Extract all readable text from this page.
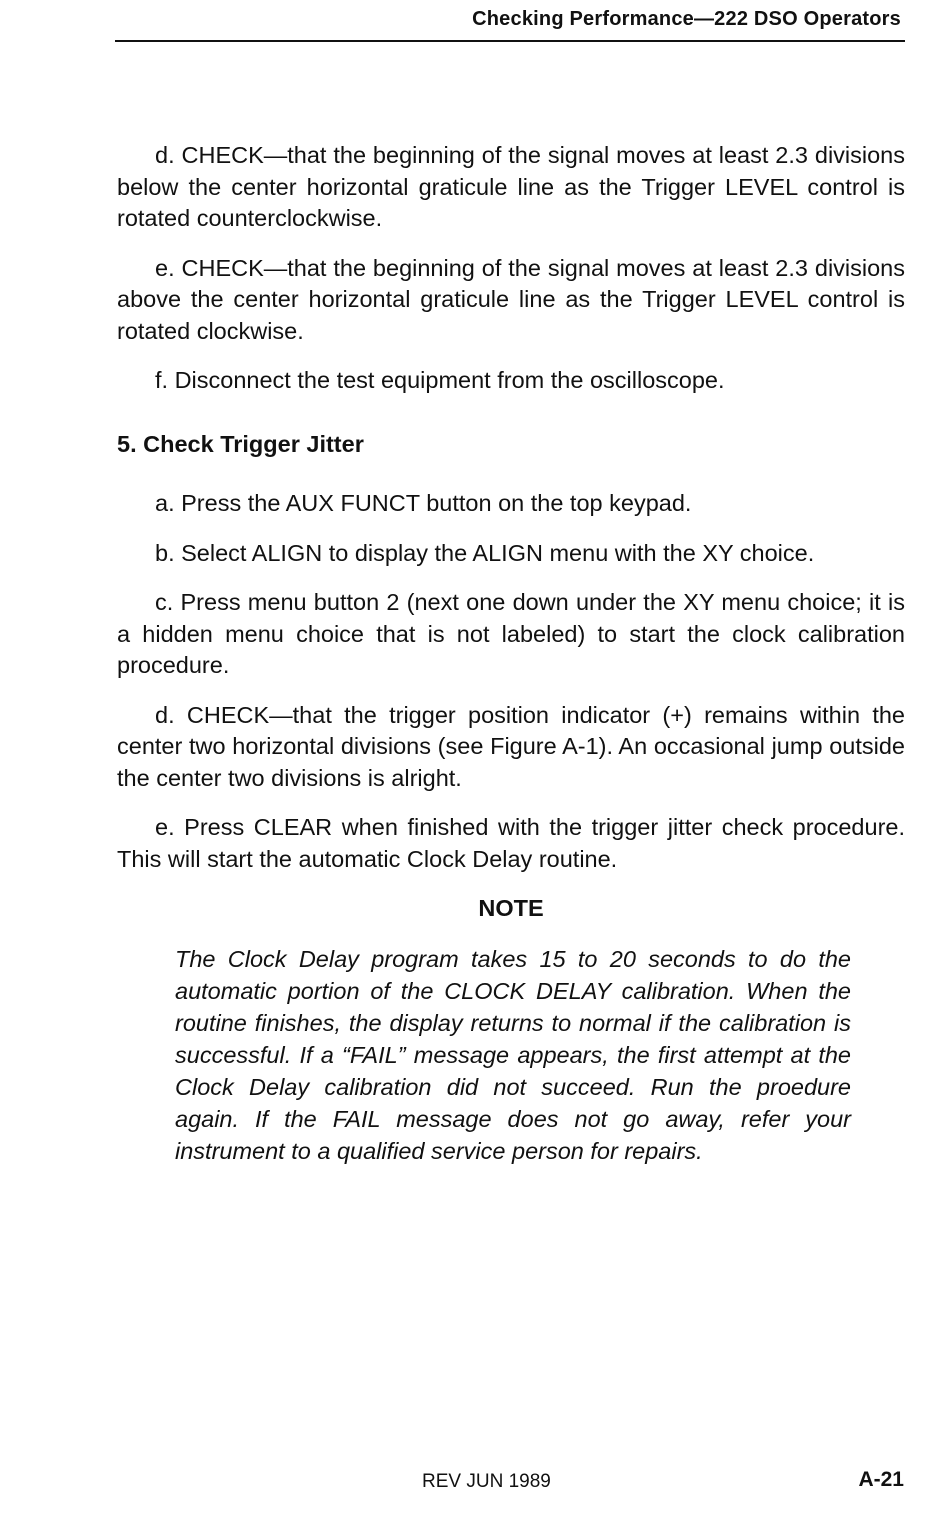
Checking Performance—222 DSO Operators

d. CHECK—that the beginning of the signal moves at least 2.3 divisions below the center horizontal graticule line as the Trigger LEVEL control is rotated counterclockwise.

e. CHECK—that the beginning of the signal moves at least 2.3 divisions above the center horizontal graticule line as the Trigger LEVEL control is rotated clockwise.

f. Disconnect the test equipment from the oscilloscope.

5. Check Trigger Jitter

a. Press the AUX FUNCT button on the top keypad.

b. Select ALIGN to display the ALIGN menu with the XY choice.

c. Press menu button 2 (next one down under the XY menu choice; it is a hidden menu choice that is not labeled) to start the clock calibration procedure.

d. CHECK—that the trigger position indicator (+) remains within the center two horizontal divisions (see Figure A-1). An occasional jump outside the center two divisions is alright.

e. Press CLEAR when finished with the trigger jitter check procedure. This will start the automatic Clock Delay routine.

NOTE
The Clock Delay program takes 15 to 20 seconds to do the automatic portion of the CLOCK DELAY calibration. When the routine finishes, the display returns to normal if the calibration is successful. If a “FAIL” message appears, the first attempt at the Clock Delay calibration did not succeed. Run the proedure again. If the FAIL message does not go away, refer your instrument to a qualified service person for repairs.
REV JUN 1989	A-21
